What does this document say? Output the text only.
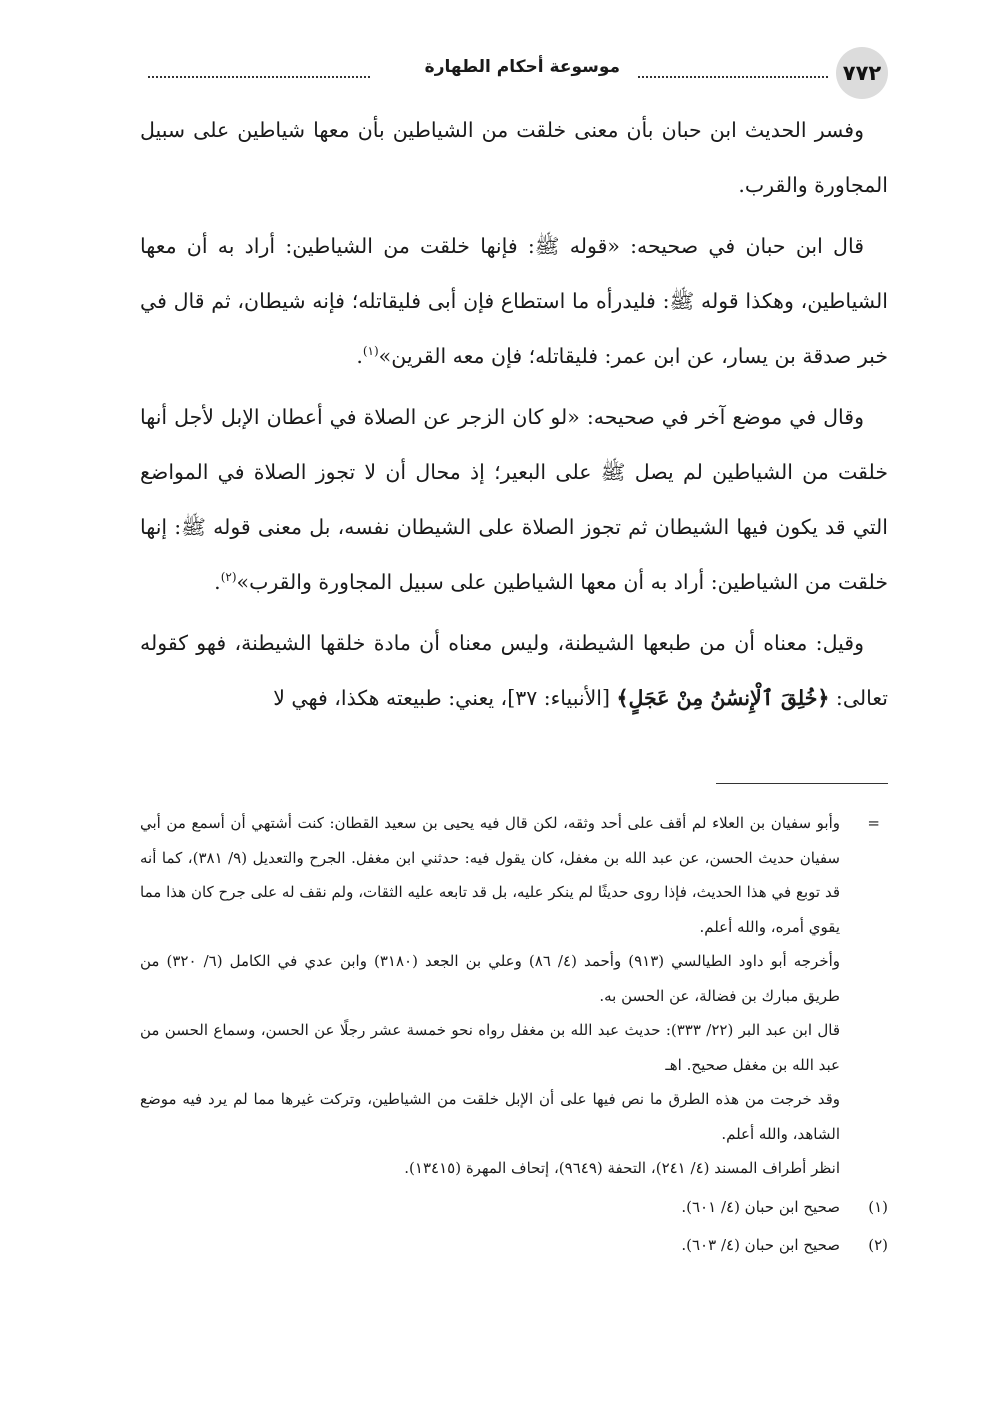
٧٧٢
موسوعة أحكام الطهارة

وفسر الحديث ابن حبان بأن معنى خلقت من الشياطين بأن معها شياطين على سبيل المجاورة والقرب.

قال ابن حبان في صحيحه: «قوله ﷺ: فإنها خلقت من الشياطين: أراد به أن معها الشياطين، وهكذا قوله ﷺ: فليدرأه ما استطاع فإن أبى فليقاتله؛ فإنه شيطان، ثم قال في خبر صدقة بن يسار، عن ابن عمر: فليقاتله؛ فإن معه القرين»$^{(١)}$.

وقال في موضع آخر في صحيحه: «لو كان الزجر عن الصلاة في أعطان الإبل لأجل أنها خلقت من الشياطين لم يصل ﷺ على البعير؛ إذ محال أن لا تجوز الصلاة في المواضع التي قد يكون فيها الشيطان ثم تجوز الصلاة على الشيطان نفسه، بل معنى قوله ﷺ: إنها خلقت من الشياطين: أراد به أن معها الشياطين على سبيل المجاورة والقرب»$^{(٢)}$.

وقيل: معناه أن من طبعها الشيطنة، وليس معناه أن مادة خلقها الشيطنة، فهو كقوله تعالى: ﴿خُلِقَ ٱلْإِنسَٰنُ مِنْ عَجَلٍ﴾ [الأنبياء: ٣٧]، يعني: طبيعته هكذا، فهي لا

=

وأبو سفيان بن العلاء لم أقف على أحد وثقه، لكن قال فيه يحيى بن سعيد القطان: كنت أشتهي أن أسمع من أبي سفيان حديث الحسن، عن عبد الله بن مغفل، كان يقول فيه: حدثني ابن مغفل. الجرح والتعديل (٩/ ٣٨١)، كما أنه قد توبع في هذا الحديث، فإذا روى حديثًا لم ينكر عليه، بل قد تابعه عليه الثقات، ولم نقف له على جرح كان هذا مما يقوي أمره، والله أعلم.

وأخرجه أبو داود الطيالسي (٩١٣) وأحمد (٤/ ٨٦) وعلي بن الجعد (٣١٨٠) وابن عدي في الكامل (٦/ ٣٢٠) من طريق مبارك بن فضالة، عن الحسن به.

قال ابن عبد البر (٢٢/ ٣٣٣): حديث عبد الله بن مغفل رواه نحو خمسة عشر رجلًا عن الحسن، وسماع الحسن من عبد الله بن مغفل صحيح. اهـ

وقد خرجت من هذه الطرق ما نص فيها على أن الإبل خلقت من الشياطين، وتركت غيرها مما لم يرد فيه موضع الشاهد، والله أعلم.

انظر أطراف المسند (٤/ ٢٤١)، التحفة (٩٦٤٩)، إتحاف المهرة (١٣٤١٥).

(١)
صحيح ابن حبان (٤/ ٦٠١).
(٢)
صحيح ابن حبان (٤/ ٦٠٣).
